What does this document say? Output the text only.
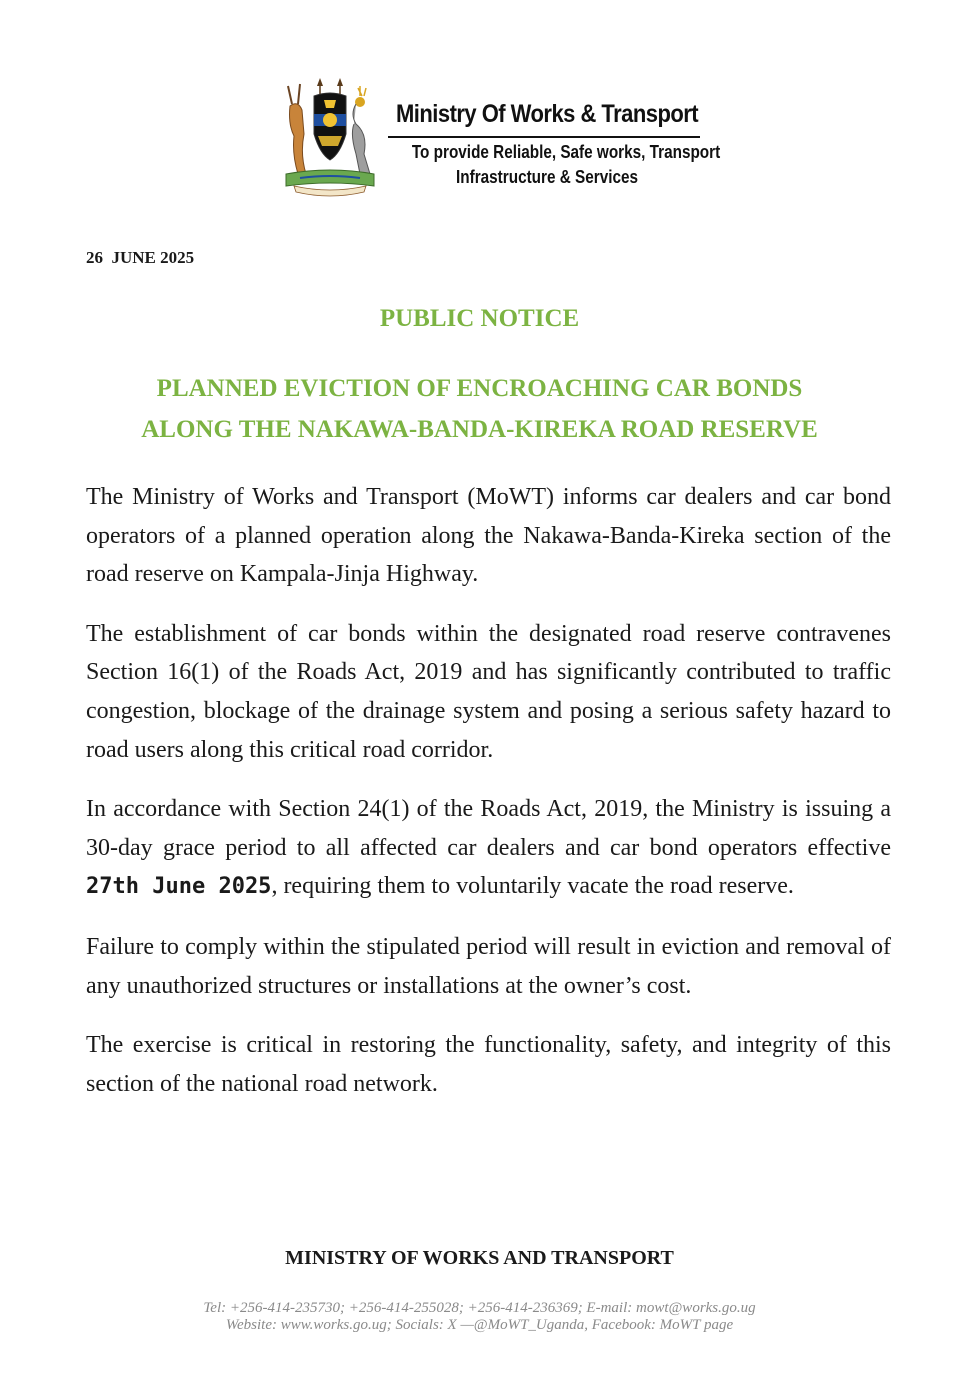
Ministry Of Works & Transport
To provide Reliable, Safe works, Transport
Infrastructure & Services
26  JUNE 2025
PUBLIC NOTICE
PLANNED EVICTION OF ENCROACHING CAR BONDS
ALONG THE NAKAWA-BANDA-KIREKA ROAD RESERVE

The Ministry of Works and Transport (MoWT) informs car dealers and car bond operators of a planned operation along the Nakawa-Banda-Kireka section of the road reserve on Kampala-Jinja Highway.

The establishment of car bonds within the designated road reserve contravenes Section 16(1) of the Roads Act, 2019 and has significantly contributed to traffic congestion, blockage of the drainage system and posing a serious safety hazard to road users along this critical road corridor.

In accordance with Section 24(1) of the Roads Act, 2019, the Ministry is issuing a 30-day grace period to all affected car dealers and car bond operators effective 27th June 2025, requiring them to voluntarily vacate the road reserve.

Failure to comply within the stipulated period will result in eviction and removal of any unauthorized structures or installations at the owner’s cost.

The exercise is critical in restoring the functionality, safety, and integrity of this section of the national road network.

MINISTRY OF WORKS AND TRANSPORT
Tel: +256-414-235730; +256-414-255028; +256-414-236369; E-mail: mowt@works.go.ug
Website: www.works.go.ug; Socials: X —@MoWT_Uganda, Facebook: MoWT page
